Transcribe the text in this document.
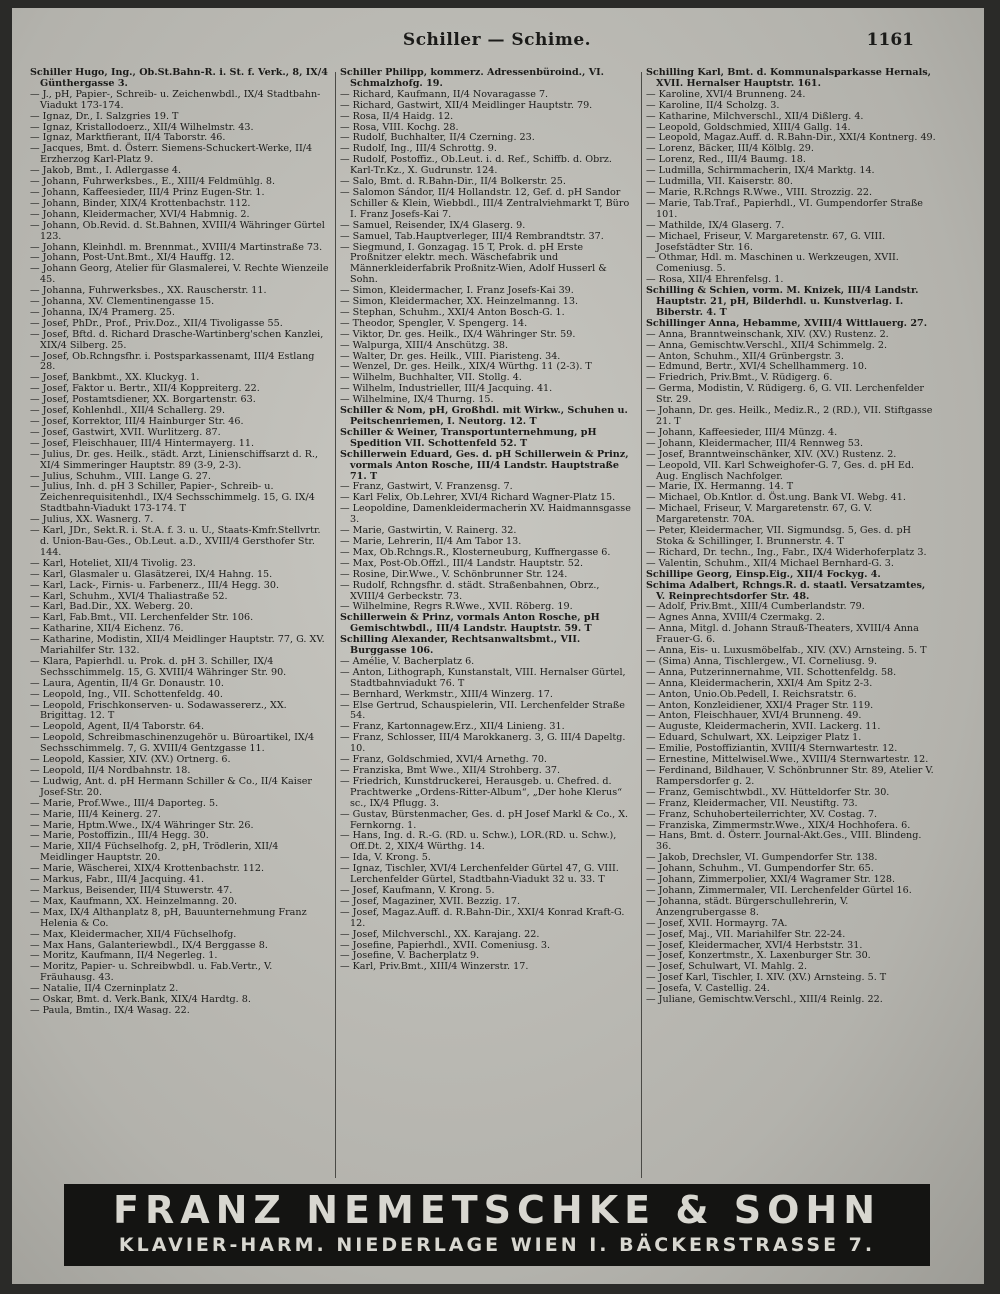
Schiller — Schime.	1161

Schiller Hugo, Ing., Ob.St.Bahn-R. i. St. f. Verk., 8, IX/4 Günthergasse 3.

— J., pH, Papier-, Schreib- u. Zeichenwbdl., IX/4 Stadtbahn-Viadukt 173-174.

— Ignaz, Dr., I. Salzgries 19. T

— Ignaz, Kristallodoerz., XII/4 Wilhelmstr. 43.

— Ignaz, Marktfierant, II/4 Taborstr. 46.

— Jacques, Bmt. d. Österr. Siemens-Schuckert-Werke, II/4 Erzherzog Karl-Platz 9.

— Jakob, Bmt., I. Adlergasse 4.

— Johann, Fuhrwerksbes., E., XIII/4 Feldmühlg. 8.

— Johann, Kaffeesieder, III/4 Prinz Eugen-Str. 1.

— Johann, Binder, XIX/4 Krottenbachstr. 112.

— Johann, Kleidermacher, XVI/4 Habmnig. 2.

— Johann, Ob.Revid. d. St.Bahnen, XVIII/4 Währinger Gürtel 123.

— Johann, Kleinhdl. m. Brennmat., XVIII/4 Martinstraße 73.

— Johann, Post-Unt.Bmt., XI/4 Hauffg. 12.

— Johann Georg, Atelier für Glasmalerei, V. Rechte Wienzeile 45.

— Johanna, Fuhrwerksbes., XX. Rauscherstr. 11.

— Johanna, XV. Clementinengasse 15.

— Johanna, IX/4 Pramerg. 25.

— Josef, PhDr., Prof., Priv.Doz., XII/4 Tivoligasse 55.

— Josef, Bftd. d. Richard Drasche-Wartinberg'schen Kanzlei, XIX/4 Silberg. 25.

— Josef, Ob.Rchngsfhr. i. Postsparkassenamt, III/4 Estlang 28.

— Josef, Bankbmt., XX. Kluckyg. 1.

— Josef, Faktor u. Bertr., XII/4 Koppreiterg. 22.

— Josef, Postamtsdiener, XX. Borgartenstr. 63.

— Josef, Kohlenhdl., XII/4 Schallerg. 29.

— Josef, Korrektor, III/4 Hainburger Str. 46.

— Josef, Gastwirt, XVII. Wurlitzerg. 87.

— Josef, Fleischhauer, III/4 Hintermayerg. 11.

— Julius, Dr. ges. Heilk., städt. Arzt, Linienschiffsarzt d. R., XI/4 Simmeringer Hauptstr. 89 (3-9, 2-3).

— Julius, Schuhm., VIII. Lange G. 27.

— Julius, Inh. d. pH 3 Schiller, Papier-, Schreib- u. Zeichenrequisitenhdl., IX/4 Sechsschimmelg. 15, G. IX/4 Stadtbahn-Viadukt 173-174. T

— Julius, XX. Wasnerg. 7.

— Karl, JDr., Sekt.R. i. St.A. f. 3. u. U., Staats-Kmfr.Stellvrtr. d. Union-Bau-Ges., Ob.Leut. a.D., XVIII/4 Gersthofer Str. 144.

— Karl, Hoteliet, XII/4 Tivolig. 23.

— Karl, Glasmaler u. Glasätzerei, IX/4 Hahng. 15.

— Karl, Lack-, Firnis- u. Farbenerz., III/4 Hegg. 30.

— Karl, Schuhm., XVI/4 Thaliastraße 52.

— Karl, Bad.Dir., XX. Weberg. 20.

— Karl, Fab.Bmt., VII. Lerchenfelder Str. 106.

— Katharine, XII/4 Eichenz. 76.

— Katharine, Modistin, XII/4 Meidlinger Hauptstr. 77, G. XV. Mariahilfer Str. 132.

— Klara, Papierhdl. u. Prok. d. pH 3. Schiller, IX/4 Sechsschimmelg. 15, G. XVIII/4 Währinger Str. 90.

— Laura, Agentin, II/4 Gr. Donaustr. 10.

— Leopold, Ing., VII. Schottenfeldg. 40.

— Leopold, Frischkonserven- u. Sodawassererz., XX. Brigittag. 12. T

— Leopold, Agent, II/4 Taborstr. 64.

— Leopold, Schreibmaschinenzugehör u. Büroartikel, IX/4 Sechsschimmelg. 7, G. XVIII/4 Gentzgasse 11.

— Leopold, Kassier, XIV. (XV.) Ortnerg. 6.

— Leopold, II/4 Nordbahnstr. 18.

— Ludwig, Ant. d. pH Hermann Schiller & Co., II/4 Kaiser Josef-Str. 20.

— Marie, Prof.Wwe., III/4 Daporteg. 5.

— Marie, III/4 Keinerg. 27.

— Marie, Hptm.Wwe., IX/4 Währinger Str. 26.

— Marie, Postoffizin., III/4 Hegg. 30.

— Marie, XII/4 Füchselhofg. 2, pH, Trödlerin, XII/4 Meidlinger Hauptstr. 20.

— Marie, Wäscherei, XIX/4 Krottenbachstr. 112.

— Markus, Fabr., III/4 Jacquing. 41.

— Markus, Beisender, III/4 Stuwerstr. 47.

— Max, Kaufmann, XX. Heinzelmanng. 20.

— Max, IX/4 Althanplatz 8, pH, Bauunternehmung Franz Helenia & Co.

— Max, Kleidermacher, XII/4 Füchselhofg.

— Max Hans, Galanteriewbdl., IX/4 Berggasse 8.

— Moritz, Kaufmann, II/4 Negerleg. 1.

— Moritz, Papier- u. Schreibwbdl. u. Fab.Vertr., V. Fräuhausg. 43.

— Natalie, II/4 Czerninplatz 2.

— Oskar, Bmt. d. Verk.Bank, XIX/4 Hardtg. 8.

— Paula, Bmtin., IX/4 Wasag. 22.

Schiller Philipp, kommerz. Adressenbüroind., VI. Schmalzhofg. 19.

— Richard, Kaufmann, II/4 Novaragasse 7.

— Richard, Gastwirt, XII/4 Meidlinger Hauptstr. 79.

— Rosa, II/4 Haidg. 12.

— Rosa, VIII. Kochg. 28.

— Rudolf, Buchhalter, II/4 Czerning. 23.

— Rudolf, Ing., III/4 Schrottg. 9.

— Rudolf, Postoffiz., Ob.Leut. i. d. Ref., Schiffb. d. Obrz. Karl-Tr.Kz., X. Gudrunstr. 124.

— Salo, Bmt. d. R.Bahn-Dir., II/4 Bolkerstr. 25.

— Salomon Sándor, II/4 Hollandstr. 12, Gef. d. pH Sandor Schiller & Klein, Wiebbdl., III/4 Zentralviehmarkt T, Büro I. Franz Josefs-Kai 7.

— Samuel, Reisender, IX/4 Glaserg. 9.

— Samuel, Tab.Hauptverleger, III/4 Rembrandtstr. 37.

— Siegmund, I. Gonzagag. 15 T, Prok. d. pH Erste Proßnitzer elektr. mech. Wäschefabrik und Männerkleiderfabrik Proßnitz-Wien, Adolf Husserl & Sohn.

— Simon, Kleidermacher, I. Franz Josefs-Kai 39.

— Simon, Kleidermacher, XX. Heinzelmanng. 13.

— Stephan, Schuhm., XXI/4 Anton Bosch-G. 1.

— Theodor, Spengler, V. Spengerg. 14.

— Viktor, Dr. ges. Heilk., IX/4 Währinger Str. 59.

— Walpurga, XIII/4 Anschützg. 38.

— Walter, Dr. ges. Heilk., VIII. Piaristeng. 34.

— Wenzel, Dr. ges. Heilk., XIX/4 Würthg. 11 (2-3). T

— Wilhelm, Buchhalter, VII. Stollg. 4.

— Wilhelm, Industrieller, III/4 Jacquing. 41.

— Wilhelmine, IX/4 Thurng. 15.

Schiller & Nom, pH, Großhdl. mit Wirkw., Schuhen u. Peitschenriemen, I. Neutorg. 12. T

Schiller & Weiner, Transportunternehmung, pH Spedition VII. Schottenfeld 52. T

Schillerwein Eduard, Ges. d. pH Schillerwein & Prinz, vormals Anton Rosche, III/4 Landstr. Hauptstraße 71. T

— Franz, Gastwirt, V. Franzensg. 7.

— Karl Felix, Ob.Lehrer, XVI/4 Richard Wagner-Platz 15.

— Leopoldine, Damenkleidermacherin XV. Haidmannsgasse 3.

— Marie, Gastwirtin, V. Rainerg. 32.

— Marie, Lehrerin, II/4 Am Tabor 13.

— Max, Ob.Rchngs.R., Klosterneuburg, Kuffnergasse 6.

— Max, Post-Ob.Offzl., III/4 Landstr. Hauptstr. 52.

— Rosine, Dir.Wwe., V. Schönbrunner Str. 124.

— Rudolf, Rchngsfhr. d. städt. Straßenbahnen, Obrz., XVIII/4 Gerbeckstr. 73.

— Wilhelmine, Regrs R.Wwe., XVII. Röberg. 19.

Schillerwein & Prinz, vormals Anton Rosche, pH Gemischtwbdl., III/4 Landstr. Hauptstr. 59. T

Schilling Alexander, Rechtsanwaltsbmt., VII. Burggasse 106.

— Amélie, V. Bacherplatz 6.

— Anton, Lithograph, Kunstanstalt, VIII. Hernalser Gürtel, Stadtbahnviadukt 76. T

— Bernhard, Werkmstr., XIII/4 Winzerg. 17.

— Else Gertrud, Schauspielerin, VII. Lerchenfelder Straße 54.

— Franz, Kartonnagew.Erz., XII/4 Linieng. 31.

— Franz, Schlosser, III/4 Marokkanerg. 3, G. III/4 Dapeltg. 10.

— Franz, Goldschmied, XVI/4 Arnethg. 70.

— Franziska, Bmt Wwe., XII/4 Strohberg. 37.

— Friedrich, Kunstdruckerei, Herausgeb. u. Chefred. d. Prachtwerke „Ordens-Ritter-Album“, „Der hohe Klerus“ sc., IX/4 Pflugg. 3.

— Gustav, Bürstenmacher, Ges. d. pH Josef Markl & Co., X. Fernkorng. 1.

— Hans, Ing. d. R.-G. (RD. u. Schw.), LOR.(RD. u. Schw.), Off.Dt. 2, XIX/4 Würthg. 14.

— Ida, V. Krong. 5.

— Ignaz, Tischler, XVI/4 Lerchenfelder Gürtel 47, G. VIII. Lerchenfelder Gürtel, Stadtbahn-Viadukt 32 u. 33. T

— Josef, Kaufmann, V. Krong. 5.

— Josef, Magaziner, XVII. Bezzig. 17.

— Josef, Magaz.Auff. d. R.Bahn-Dir., XXI/4 Konrad Kraft-G. 12.

— Josef, Milchverschl., XX. Karajang. 22.

— Josefine, Papierhdl., XVII. Comeniusg. 3.

— Josefine, V. Bacherplatz 9.

— Karl, Priv.Bmt., XIII/4 Winzerstr. 17.

Schilling Karl, Bmt. d. Kommunalsparkasse Hernals, XVII. Hernalser Hauptstr. 161.

— Karoline, XVI/4 Brunneng. 24.

— Karoline, II/4 Scholzg. 3.

— Katharine, Milchverschl., XII/4 Dißlerg. 4.

— Leopold, Goldschmied, XIII/4 Gallg. 14.

— Leopold, Magaz.Auff. d. R.Bahn-Dir., XXI/4 Kontnerg. 49.

— Lorenz, Bäcker, III/4 Kölblg. 29.

— Lorenz, Red., III/4 Baumg. 18.

— Ludmilla, Schirmmacherin, IX/4 Marktg. 14.

— Ludmilla, VII. Kaiserstr. 80.

— Marie, R.Rchngs R.Wwe., VIII. Strozzig. 22.

— Marie, Tab.Traf., Papierhdl., VI. Gumpendorfer Straße 101.

— Mathilde, IX/4 Glaserg. 7.

— Michael, Friseur, V. Margaretenstr. 67, G. VIII. Josefstädter Str. 16.

— Othmar, Hdl. m. Maschinen u. Werkzeugen, XVII. Comeniusg. 5.

— Rosa, XII/4 Ehrenfelsg. 1.

Schilling & Schien, vorm. M. Knizek, III/4 Landstr. Hauptstr. 21, pH, Bilderhdl. u. Kunstverlag. I. Biberstr. 4. T

Schillinger Anna, Hebamme, XVIII/4 Wittlauerg. 27.

— Anna, Branntweinschank, XIV. (XV.) Rustenz. 2.

— Anna, Gemischtw.Verschl., XII/4 Schimmelg. 2.

— Anton, Schuhm., XII/4 Grünbergstr. 3.

— Edmund, Bertr., XVI/4 Schellhammerg. 10.

— Friedrich, Priv.Bmt., V. Rüdigerg. 6.

— Germa, Modistin, V. Rüdigerg. 6, G. VII. Lerchenfelder Str. 29.

— Johann, Dr. ges. Heilk., Mediz.R., 2 (RD.), VII. Stiftgasse 21. T

— Johann, Kaffeesieder, III/4 Münzg. 4.

— Johann, Kleidermacher, III/4 Rennweg 53.

— Josef, Branntweinschänker, XIV. (XV.) Rustenz. 2.

— Leopold, VII. Karl Schweighofer-G. 7, Ges. d. pH Ed. Aug. Englisch Nachfolger.

— Marie, IX. Hermanng. 14. T

— Michael, Ob.Kntlor. d. Öst.ung. Bank VI. Webg. 41.

— Michael, Friseur, V. Margaretenstr. 67, G. V. Margaretenstr. 70A.

— Peter, Kleidermacher, VII. Sigmundsg. 5, Ges. d. pH Stoka & Schillinger, I. Brunnerstr. 4. T

— Richard, Dr. techn., Ing., Fabr., IX/4 Widerhoferplatz 3.

— Valentin, Schuhm., XII/4 Michael Bernhard-G. 3.

Schillipe Georg, Einsp.Eig., XII/4 Fockyg. 4.

Schima Adalbert, Rchngs.R. d. staatl. Versatzamtes, V. Reinprechtsdorfer Str. 48.

— Adolf, Priv.Bmt., XIII/4 Cumberlandstr. 79.

— Agnes Anna, XVIII/4 Czermakg. 2.

— Anna, Mitgl. d. Johann Strauß-Theaters, XVIII/4 Anna Frauer-G. 6.

— Anna, Eis- u. Luxusmöbelfab., XIV. (XV.) Arnsteing. 5. T

— (Sima) Anna, Tischlergew., VI. Corneliusg. 9.

— Anna, Putzerinnernahme, VII. Schottenfeldg. 58.

— Anna, Kleidermacherin, XXI/4 Am Spitz 2-3.

— Anton, Unio.Ob.Pedell, I. Reichsratstr. 6.

— Anton, Konzleidiener, XXI/4 Prager Str. 119.

— Anton, Fleischhauer, XVI/4 Brunneng. 49.

— Auguste, Kleidermacherin, XVII. Lackerg. 11.

— Eduard, Schulwart, XX. Leipziger Platz 1.

— Emilie, Postoffiziantin, XVIII/4 Sternwartestr. 12.

— Ernestine, Mittelwisel.Wwe., XVIII/4 Sternwartestr. 12.

— Ferdinand, Bildhauer, V. Schönbrunner Str. 89, Atelier V. Rampersdorfer g. 2.

— Franz, Gemischtwbdl., XV. Hütteldorfer Str. 30.

— Franz, Kleidermacher, VII. Neustiftg. 73.

— Franz, Schuhoberteilerrichter, XV. Costag. 7.

— Franziska, Zimmermstr.Wwe., XIX/4 Hochhofera. 6.

— Hans, Bmt. d. Österr. Journal-Akt.Ges., VIII. Blindeng. 36.

— Jakob, Drechsler, VI. Gumpendorfer Str. 138.

— Johann, Schuhm., VI. Gumpendorfer Str. 65.

— Johann, Zimmerpolier, XXI/4 Wagramer Str. 128.

— Johann, Zimmermaler, VII. Lerchenfelder Gürtel 16.

— Johanna, städt. Bürgerschullehrerin, V. Anzengrubergasse 8.

— Josef, XVII. Hormayrg. 7A.

— Josef, Maj., VII. Mariahilfer Str. 22-24.

— Josef, Kleidermacher, XVI/4 Herbststr. 31.

— Josef, Konzertmstr., X. Laxenburger Str. 30.

— Josef, Schulwart, VI. Mahlg. 2.

— Josef Karl, Tischler, I. XIV. (XV.) Arnsteing. 5. T

— Josefa, V. Castellig. 24.

— Juliane, Gemischtw.Verschl., XIII/4 Reinlg. 22.

FRANZ NEMETSCHKE & SOHN
KLAVIER-HARM. NIEDERLAGE WIEN I. BÄCKERSTRASSE 7.
